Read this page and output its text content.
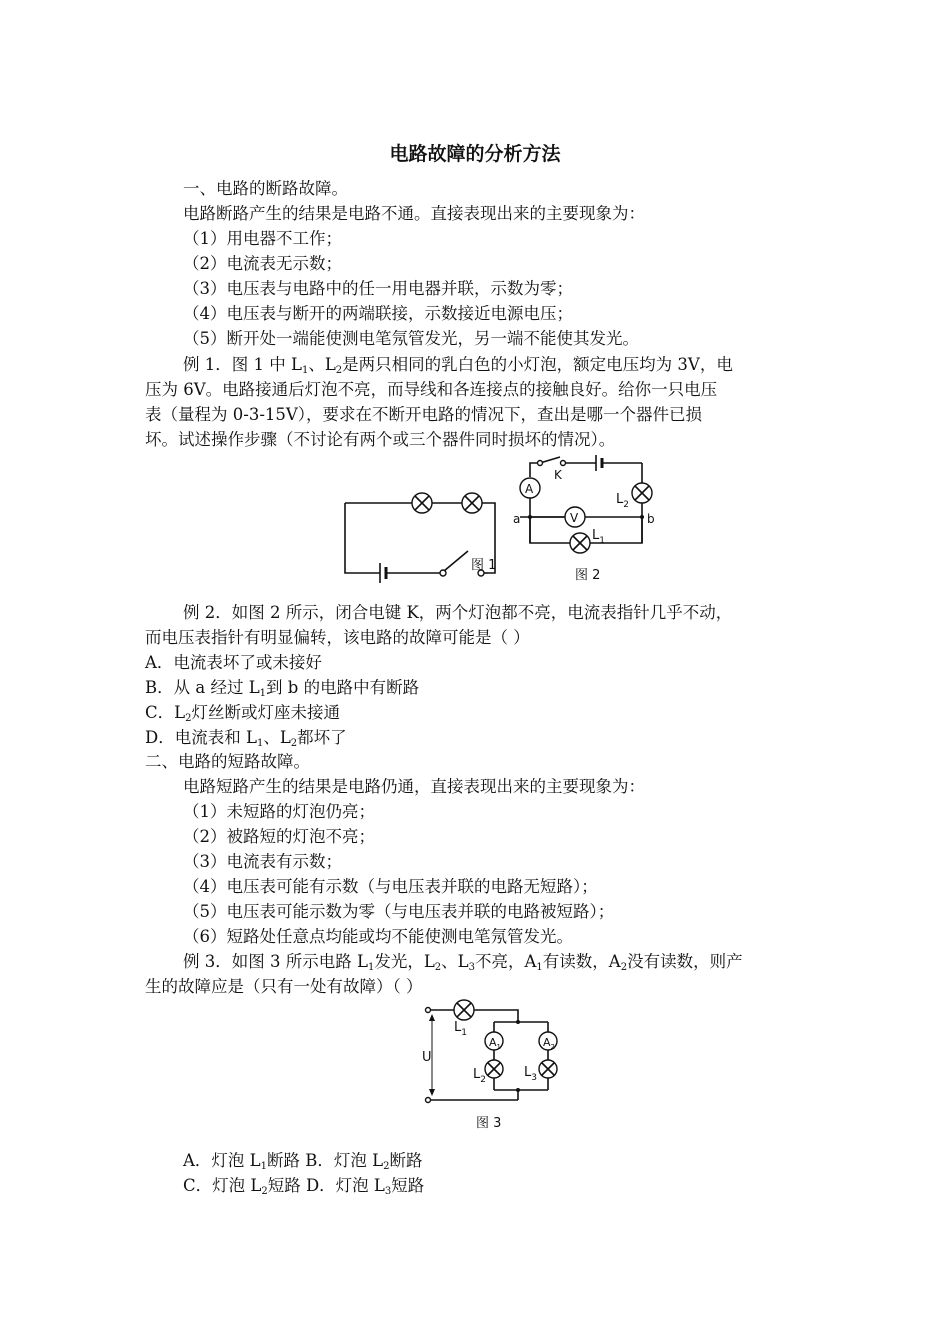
电路故障的分析方法
一、电路的断路故障。
电路断路产生的结果是电路不通。直接表现出来的主要现象为：
（1）用电器不工作；
（2）电流表无示数；
（3）电压表与电路中的任一用电器并联，示数为零；
（4）电压表与断开的两端联接，示数接近电源电压；
（5）断开处一端能使测电笔氖管发光，另一端不能使其发光。
例 1．图 1 中 $L_1$、$L_2$是两只相同的乳白色的小灯泡，额定电压均为 3V，电
压为 6V。电路接通后灯泡不亮，而导线和各连接点的接触良好。给你一只电压
表（量程为 0-3-15V），要求在不断开电路的情况下，查出是哪一个器件已损
坏。试述操作步骤（不讨论有两个或三个器件同时损坏的情况）。
图 1
K
A
$L_2$
V
a	b
$L_1$
图 2
例 2．如图 2 所示，闭合电键 K，两个灯泡都不亮，电流表指针几乎不动，
而电压表指针有明显偏转，该电路的故障可能是（ ）
A．电流表坏了或未接好
B．从 a 经过 $L_1$到 b 的电路中有断路
C．$L_2$灯丝断或灯座未接通
D．电流表和 $L_1$、$L_2$都坏了
二、电路的短路故障。
电路短路产生的结果是电路仍通，直接表现出来的主要现象为：
（1）未短路的灯泡仍亮；
（2）被路短的灯泡不亮；
（3）电流表有示数；
（4）电压表可能有示数（与电压表并联的电路无短路）；
（5）电压表可能示数为零（与电压表并联的电路被短路）；
（6）短路处任意点均能或均不能使测电笔氖管发光。
例 3．如图 3 所示电路 $L_1$发光，$L_2$、$L_3$不亮，$A_1$有读数，$A_2$没有读数，则产
生的故障应是（只有一处有故障）（ ）
$L_1$
U
$A_1$
$L_2$
$A_2$
$L_3$
图 3
A．灯泡 $L_1$断路 B．灯泡 $L_2$断路
C．灯泡 $L_2$短路 D．灯泡 $L_3$短路
